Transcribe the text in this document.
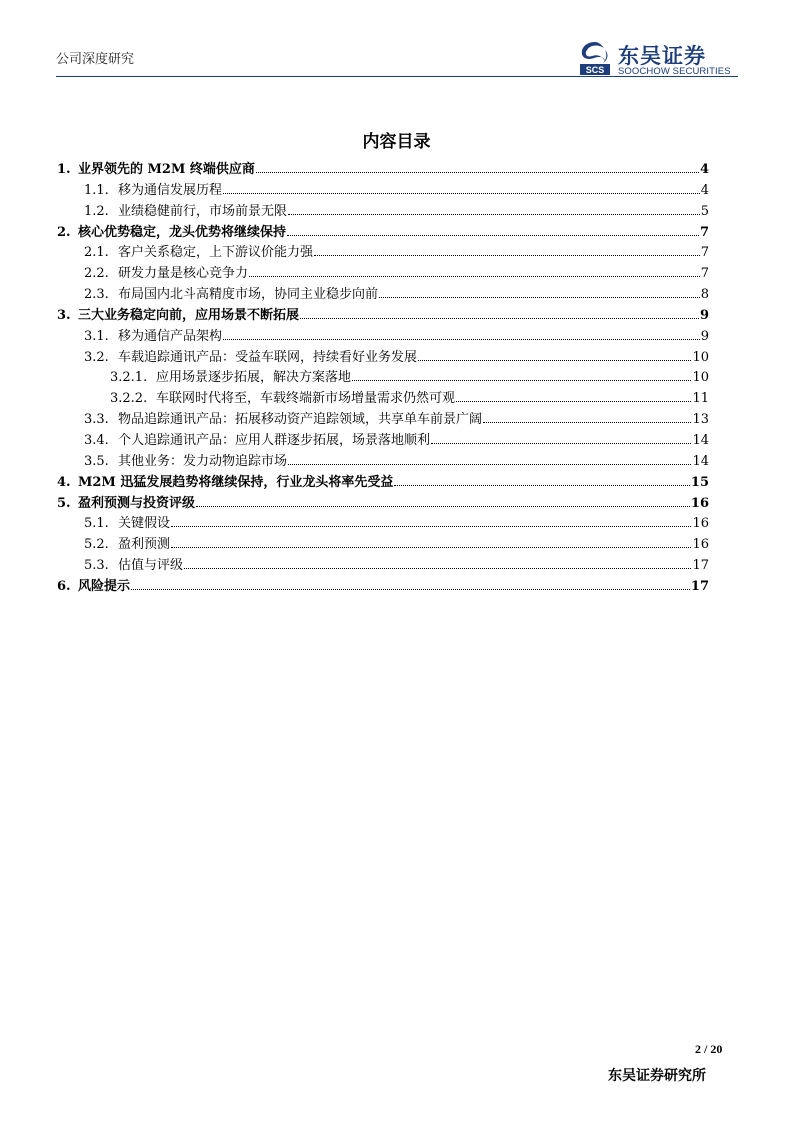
公司深度研究
SCS
东吴证券
SOOCHOW SECURITIES
内容目录
1. 业界领先的 M2M 终端供应商	4
1.1. 移为通信发展历程	4
1.2. 业绩稳健前行，市场前景无限	5
2. 核心优势稳定，龙头优势将继续保持	7
2.1. 客户关系稳定，上下游议价能力强	7
2.2. 研发力量是核心竞争力	7
2.3. 布局国内北斗高精度市场，协同主业稳步向前	8
3. 三大业务稳定向前，应用场景不断拓展	9
3.1. 移为通信产品架构	9
3.2. 车载追踪通讯产品：受益车联网，持续看好业务发展	10
3.2.1. 应用场景逐步拓展，解决方案落地	10
3.2.2. 车联网时代将至，车载终端新市场增量需求仍然可观	11
3.3. 物品追踪通讯产品：拓展移动资产追踪领域，共享单车前景广阔	13
3.4. 个人追踪通讯产品：应用人群逐步拓展，场景落地顺利	14
3.5. 其他业务：发力动物追踪市场	14
4. M2M 迅猛发展趋势将继续保持，行业龙头将率先受益	15
5. 盈利预测与投资评级	16
5.1. 关键假设	16
5.2. 盈利预测	16
5.3. 估值与评级	17
6. 风险提示	17
2 / 20
东吴证券研究所
